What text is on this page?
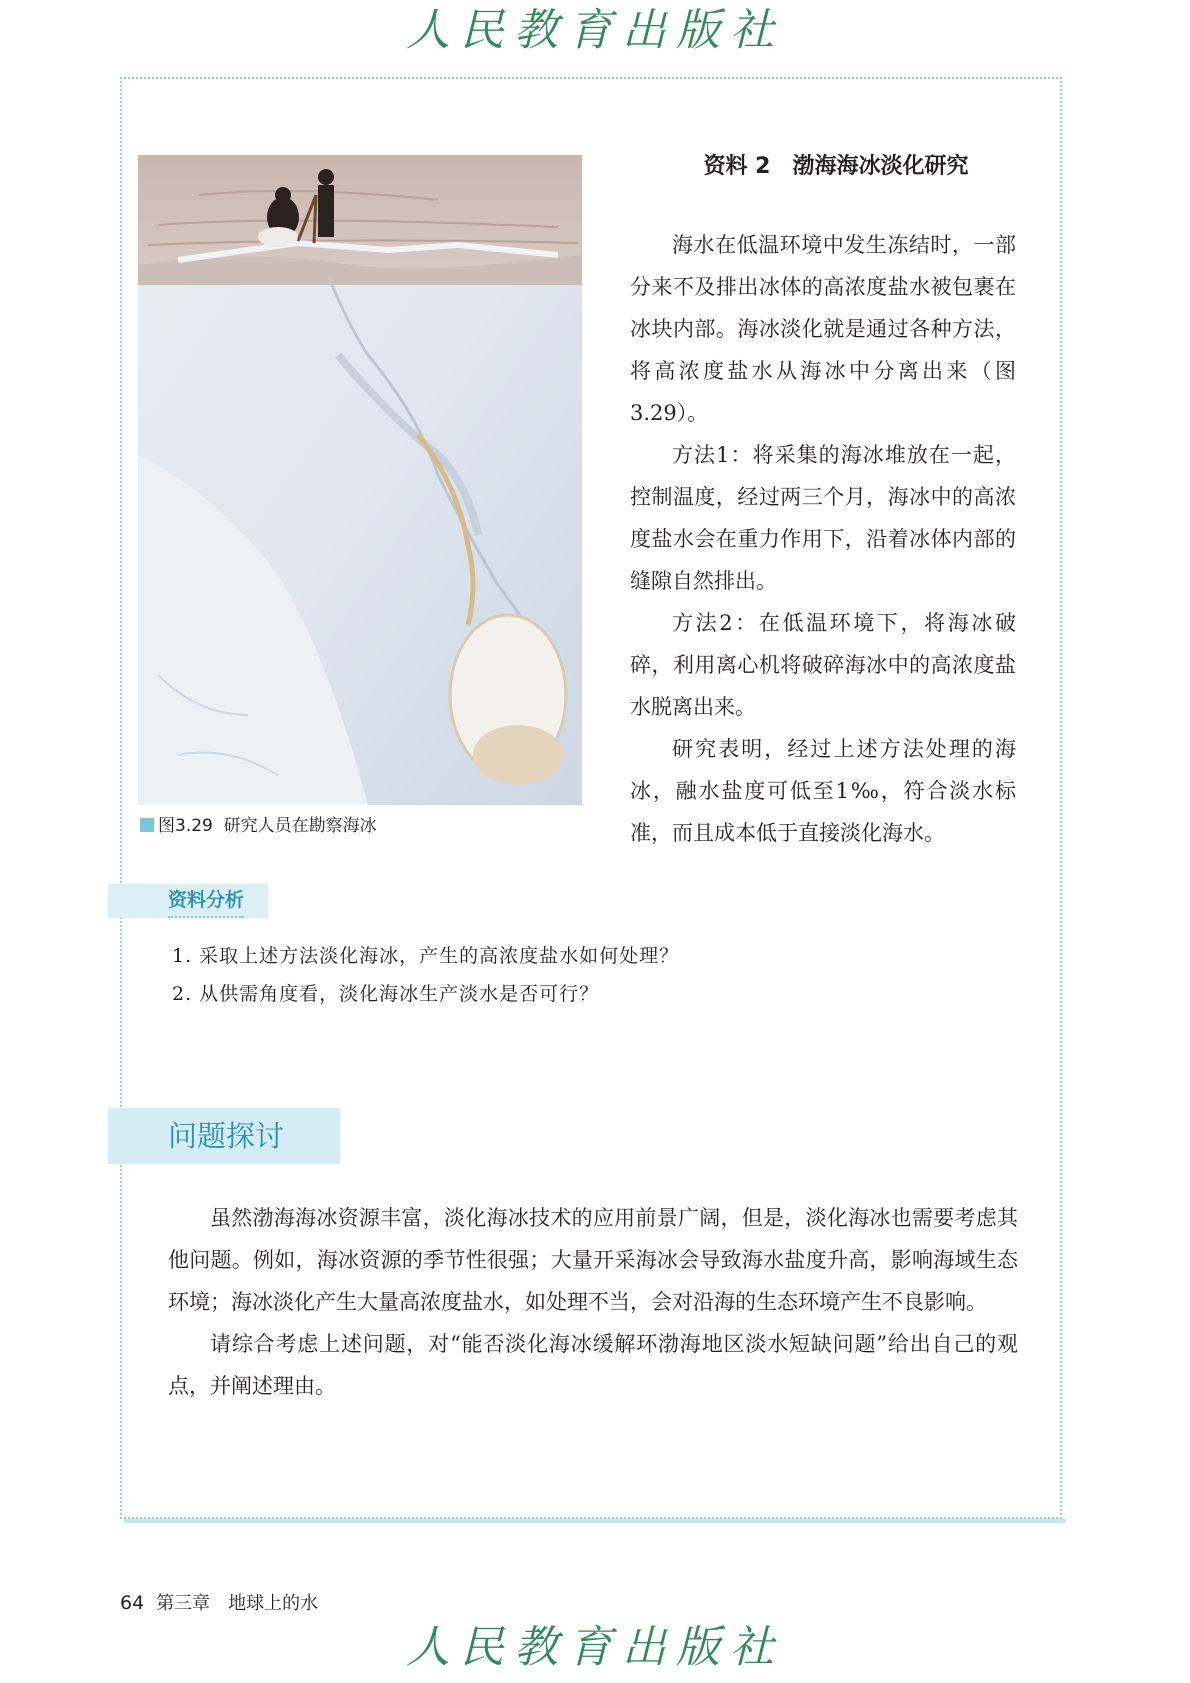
人民教育出版社
图3.29 研究人员在勘察海冰
资料 2　渤海海冰淡化研究

海水在低温环境中发生冻结时，一部分来不及排出冰体的高浓度盐水被包裹在冰块内部。海冰淡化就是通过各种方法，将高浓度盐水从海冰中分离出来（图3.29）。

方法1：将采集的海冰堆放在一起，控制温度，经过两三个月，海冰中的高浓度盐水会在重力作用下，沿着冰体内部的缝隙自然排出。

方法2：在低温环境下，将海冰破碎，利用离心机将破碎海冰中的高浓度盐水脱离出来。

研究表明，经过上述方法处理的海冰，融水盐度可低至1‰，符合淡水标准，而且成本低于直接淡化海水。

资料分析
1. 采取上述方法淡化海冰，产生的高浓度盐水如何处理？
2. 从供需角度看，淡化海冰生产淡水是否可行？
问题探讨

虽然渤海海冰资源丰富，淡化海冰技术的应用前景广阔，但是，淡化海冰也需要考虑其他问题。例如，海冰资源的季节性很强；大量开采海冰会导致海水盐度升高，影响海域生态环境；海冰淡化产生大量高浓度盐水，如处理不当，会对沿海的生态环境产生不良影响。

请综合考虑上述问题，对“能否淡化海冰缓解环渤海地区淡水短缺问题”给出自己的观点，并阐述理由。

64 第三章　地球上的水
人民教育出版社
